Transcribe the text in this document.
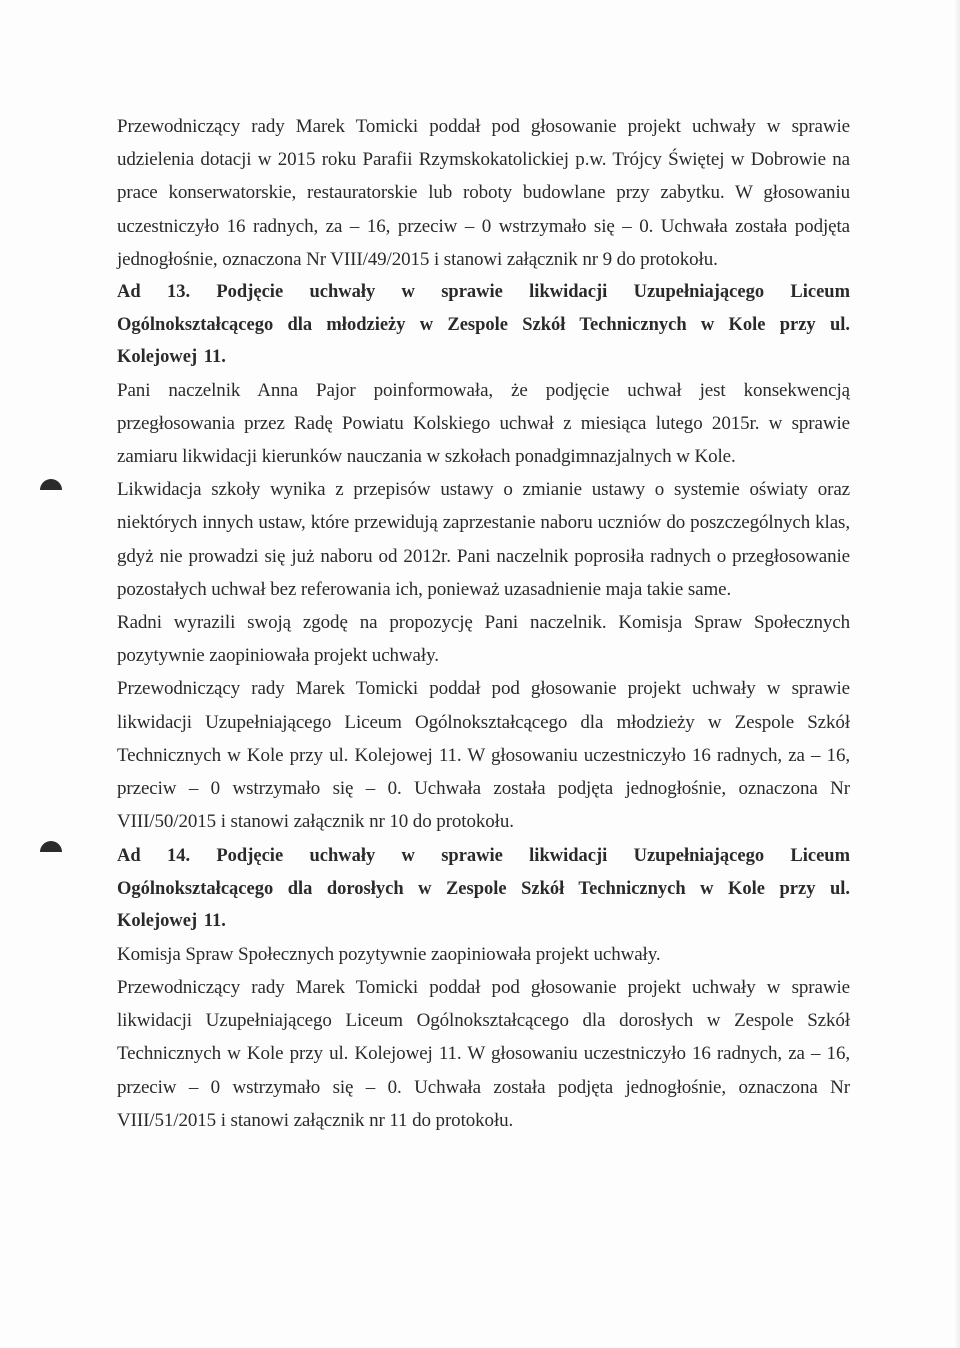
Przewodniczący rady Marek Tomicki poddał pod głosowanie projekt uchwały w sprawie udzielenia dotacji w 2015 roku Parafii Rzymskokatolickiej p.w. Trójcy Świętej w Dobrowie na prace konserwatorskie, restauratorskie lub roboty budowlane przy zabytku. W głosowaniu uczestniczyło 16 radnych, za – 16, przeciw – 0 wstrzymało się – 0. Uchwała została podjęta jednogłośnie, oznaczona Nr VIII/49/2015 i stanowi załącznik nr 9 do protokołu.

Ad 13. Podjęcie uchwały w sprawie likwidacji Uzupełniającego Liceum Ogólnokształcącego dla młodzieży w Zespole Szkół Technicznych w Kole przy ul. Kolejowej 11.

Pani naczelnik Anna Pajor poinformowała, że podjęcie uchwał jest konsekwencją przegłosowania przez Radę Powiatu Kolskiego uchwał z miesiąca lutego 2015r. w sprawie zamiaru likwidacji kierunków nauczania w szkołach ponadgimnazjalnych w Kole.

Likwidacja szkoły wynika z przepisów ustawy o zmianie ustawy o systemie oświaty oraz niektórych innych ustaw, które przewidują zaprzestanie naboru uczniów do poszczególnych klas, gdyż nie prowadzi się już naboru od 2012r. Pani naczelnik poprosiła radnych o przegłosowanie pozostałych uchwał bez referowania ich, ponieważ uzasadnienie maja takie same.

Radni wyrazili swoją zgodę na propozycję Pani naczelnik. Komisja Spraw Społecznych pozytywnie zaopiniowała projekt uchwały.

Przewodniczący rady Marek Tomicki poddał pod głosowanie projekt uchwały w sprawie likwidacji Uzupełniającego Liceum Ogólnokształcącego dla młodzieży w Zespole Szkół Technicznych w Kole przy ul. Kolejowej 11. W głosowaniu uczestniczyło 16 radnych, za – 16, przeciw – 0 wstrzymało się – 0. Uchwała została podjęta jednogłośnie, oznaczona Nr VIII/50/2015 i stanowi załącznik nr 10 do protokołu.

Ad 14. Podjęcie uchwały w sprawie likwidacji Uzupełniającego Liceum Ogólnokształcącego dla dorosłych w Zespole Szkół Technicznych w Kole przy ul. Kolejowej 11.

Komisja Spraw Społecznych pozytywnie zaopiniowała projekt uchwały.

Przewodniczący rady Marek Tomicki poddał pod głosowanie projekt uchwały w sprawie likwidacji Uzupełniającego Liceum Ogólnokształcącego dla dorosłych w Zespole Szkół Technicznych w Kole przy ul. Kolejowej 11. W głosowaniu uczestniczyło 16 radnych, za – 16, przeciw – 0 wstrzymało się – 0. Uchwała została podjęta jednogłośnie, oznaczona Nr VIII/51/2015 i stanowi załącznik nr 11 do protokołu.
